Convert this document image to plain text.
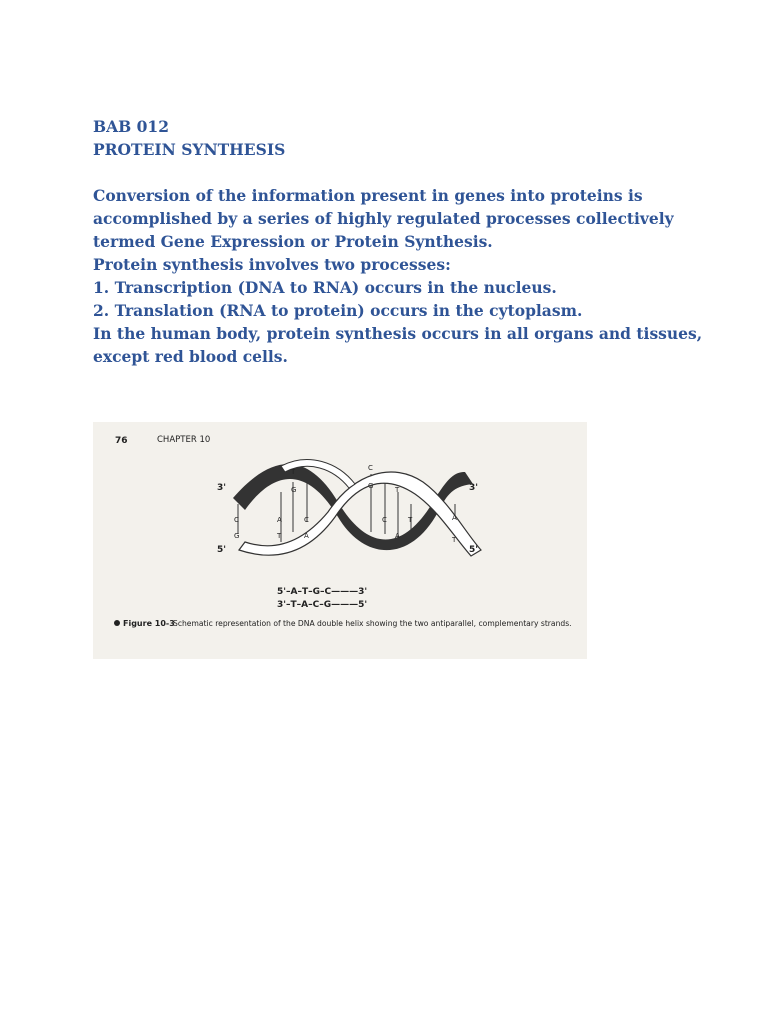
BAB 012
PROTEIN SYNTHESIS
Conversion of the information present in genes into proteins is
accomplished by a series of highly regulated processes collectively
termed Gene Expression or Protein Synthesis.
Protein synthesis involves two processes:
1. Transcription (DNA to RNA) occurs in the nucleus.
2. Translation (RNA to protein) occurs in the cytoplasm.
In the human body, protein synthesis occurs in all organs and tissues,
except red blood cells.
76	CHAPTER 10
C
G
A
T
T
G
C
A
C
G
C
T
A
T	A
T
3'
5'
3'
5'
5'–A–T–G–C———3'
3'–T–A–C–G———5'
Figure 10-3
Schematic representation of the DNA double helix showing the two antiparallel, complementary strands.
